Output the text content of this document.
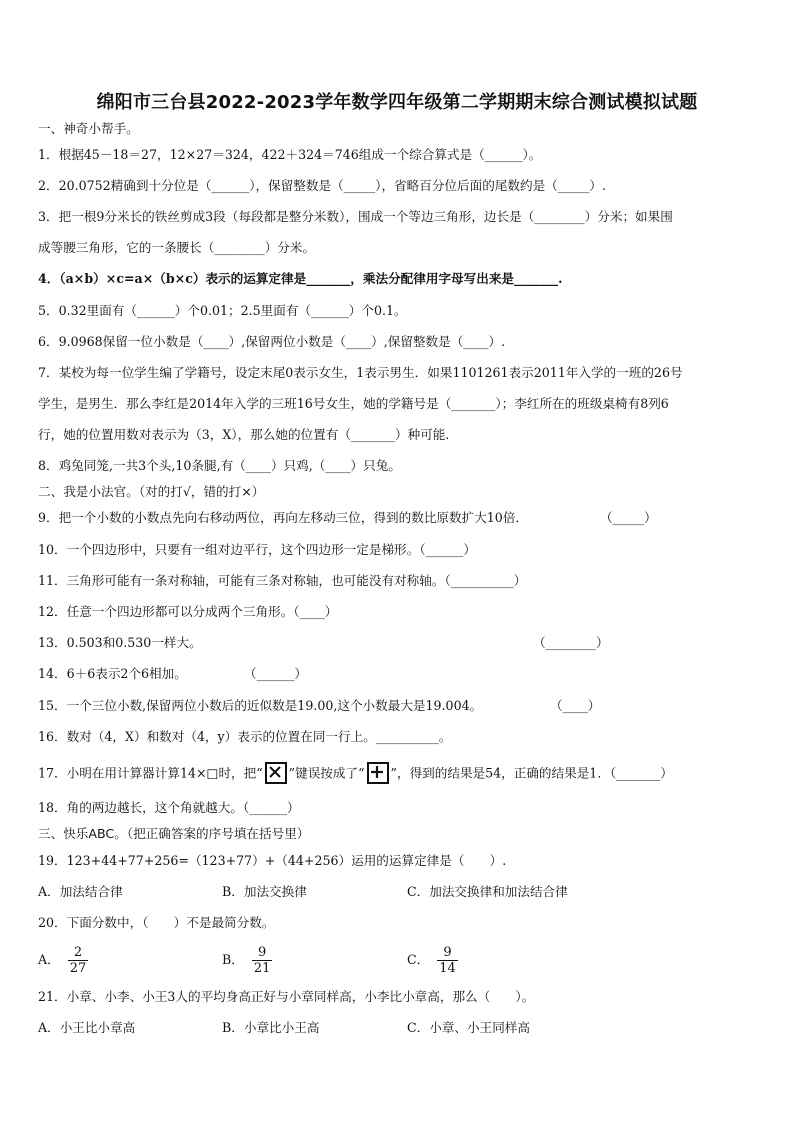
绵阳市三台县2022-2023学年数学四年级第二学期期末综合测试模拟试题
一、神奇小帮手。
1．根据45－18＝27，12×27＝324，422＋324＝746组成一个综合算式是（______）。
2．20.0752精确到十分位是（______），保留整数是（_____），省略百分位后面的尾数约是（_____）.
3．把一根9分米长的铁丝剪成3段（每段都是整分米数），围成一个等边三角形，边长是（________）分米；如果围
成等腰三角形，它的一条腰长（________）分米。
4．（a×b）×c=a×（b×c）表示的运算定律是_______，乘法分配律用字母写出来是_______.
5．0.32里面有（______）个0.01；2.5里面有（______）个0.1。
6．9.0968保留一位小数是（____）,保留两位小数是（____）,保留整数是（____）.
7．某校为每一位学生编了学籍号，设定末尾0表示女生，1表示男生．如果1101261表示2011年入学的一班的26号
学生，是男生．那么李红是2014年入学的三班16号女生，她的学籍号是（_______）；李红所在的班级桌椅有8列6
行，她的位置用数对表示为（3，X），那么她的位置有（_______）种可能.
8．鸡兔同笼,一共3个头,10条腿,有（____）只鸡,（____）只兔。
二、我是小法官。（对的打√，错的打×）
9．把一个小数的小数点先向右移动两位，再向左移动三位，得到的数比原数扩大10倍．	（_____）
10．一个四边形中，只要有一组对边平行，这个四边形一定是梯形。（______）
11．三角形可能有一条对称轴，可能有三条对称轴，也可能没有对称轴。（__________）
12．任意一个四边形都可以分成两个三角形。（____）
13．0.503和0.530一样大。	（________）
14．6＋6表示2个6相加。	（______）
15．一个三位小数,保留两位小数后的近似数是19.00,这个小数最大是19.004。	（____）
16．数对（4，X）和数对（4，y）表示的位置在同一行上。__________。
17．小明在用计算器计算14×□时，把“ ”键误按成了“ ”，得到的结果是54，正确的结果是1．（_______）
18．角的两边越长，这个角就越大。（______）
三、快乐ABC。（把正确答案的序号填在括号里）
19．123+44+77+256=（123+77）+（44+256）运用的运算定律是（　　）.
A．加法结合律	B．加法交换律	C．加法交换律和加法结合律
20．下面分数中，（　　）不是最简分数。
A． $\frac{2}{27}$	B． $\frac{9}{21}$	C． $\frac{9}{14}$
21．小章、小李、小王3人的平均身高正好与小章同样高，小李比小章高，那么（　　）。
A．小王比小章高	B．小章比小王高	C．小章、小王同样高
